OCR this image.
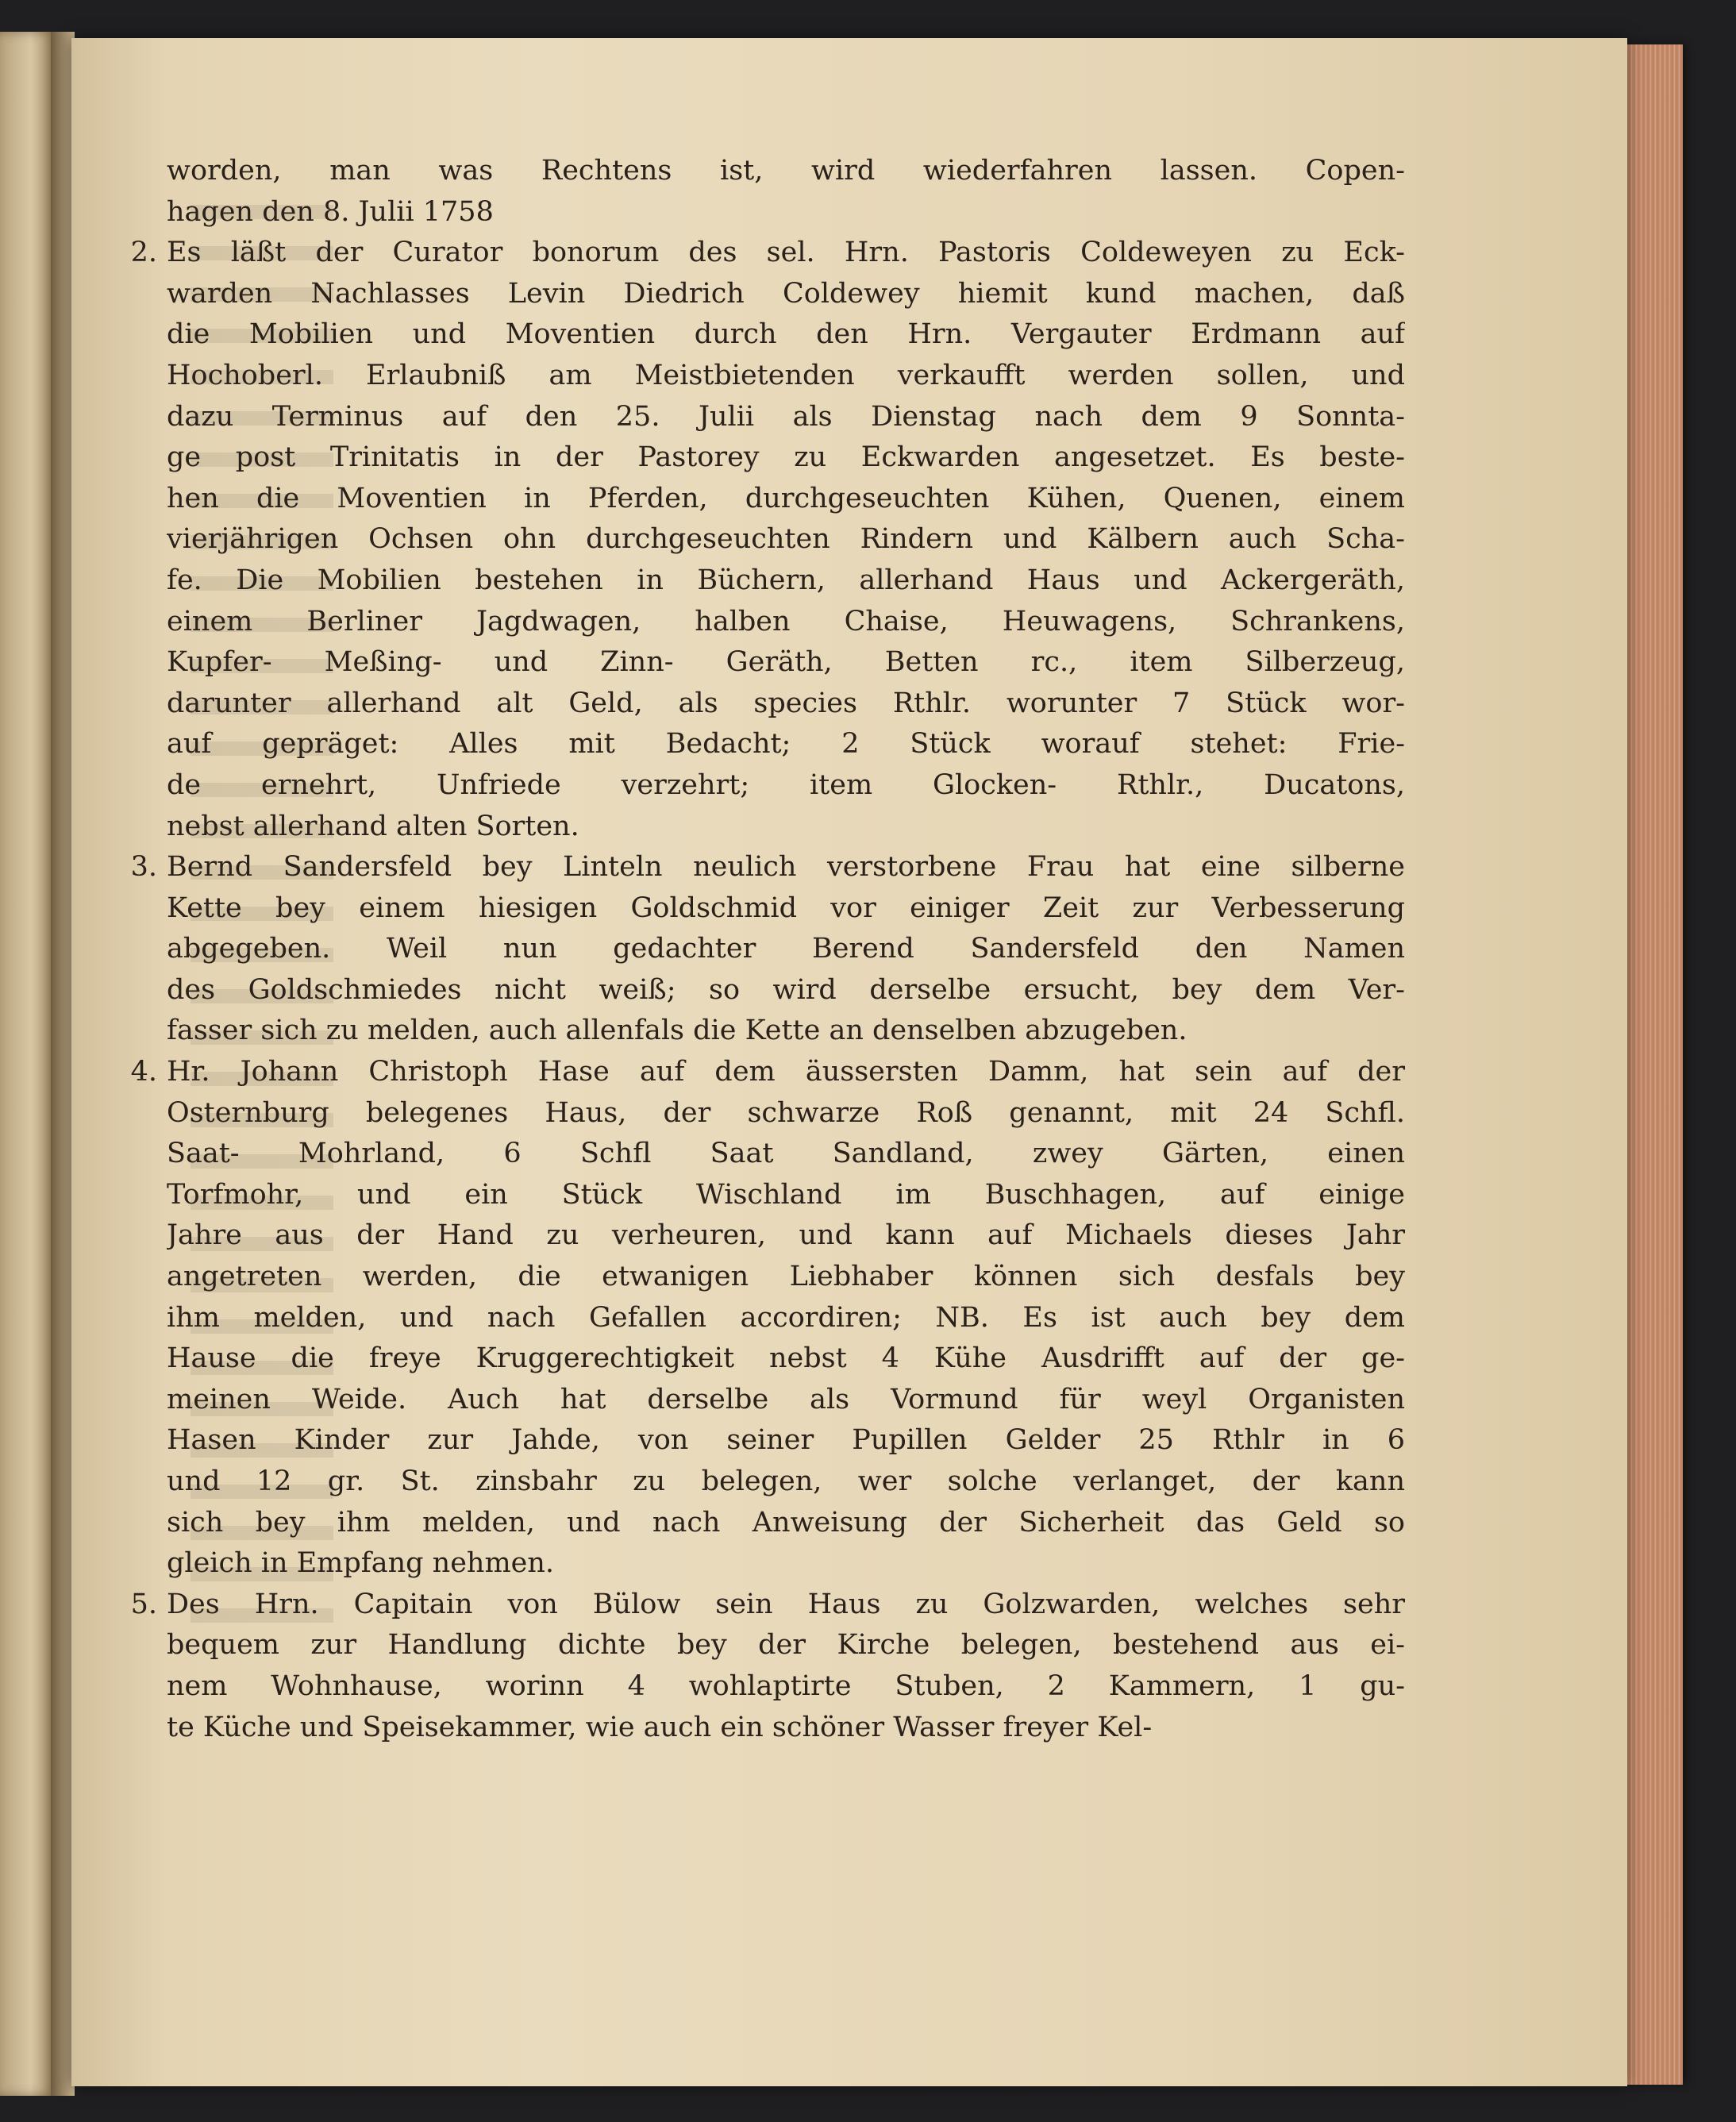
worden, man was Rechtens ist, wird wiederfahren lassen. Copen-
hagen den 8. Julii 1758
2. Es läßt der Curator bonorum des sel. Hrn. Pastoris Coldeweyen zu Eck-
warden Nachlasses Levin Diedrich Coldewey hiemit kund machen, daß
die Mobilien und Moventien durch den Hrn. Vergauter Erdmann auf
Hochoberl. Erlaubniß am Meistbietenden verkaufft werden sollen, und
dazu Terminus auf den 25. Julii als Dienstag nach dem 9 Sonnta-
ge post Trinitatis in der Pastorey zu Eckwarden angesetzet. Es beste-
hen die Moventien in Pferden, durchgeseuchten Kühen, Quenen, einem
vierjährigen Ochsen ohn durchgeseuchten Rindern und Kälbern auch Scha-
fe. Die Mobilien bestehen in Büchern, allerhand Haus und Ackergeräth,
einem Berliner Jagdwagen, halben Chaise, Heuwagens, Schrankens,
Kupfer- Meßing- und Zinn- Geräth, Betten rc., item Silberzeug,
darunter allerhand alt Geld, als species Rthlr. worunter 7 Stück wor-
auf gepräget: Alles mit Bedacht; 2 Stück worauf stehet: Frie-
de ernehrt, Unfriede verzehrt; item Glocken- Rthlr., Ducatons,
nebst allerhand alten Sorten.
3. Bernd Sandersfeld bey Linteln neulich verstorbene Frau hat eine silberne
Kette bey einem hiesigen Goldschmid vor einiger Zeit zur Verbesserung
abgegeben. Weil nun gedachter Berend Sandersfeld den Namen
des Goldschmiedes nicht weiß; so wird derselbe ersucht, bey dem Ver-
fasser sich zu melden, auch allenfals die Kette an denselben abzugeben.
4. Hr. Johann Christoph Hase auf dem äussersten Damm, hat sein auf der
Osternburg belegenes Haus, der schwarze Roß genannt, mit 24 Schfl.
Saat- Mohrland, 6 Schfl Saat Sandland, zwey Gärten, einen
Torfmohr, und ein Stück Wischland im Buschhagen, auf einige
Jahre aus der Hand zu verheuren, und kann auf Michaels dieses Jahr
angetreten werden, die etwanigen Liebhaber können sich desfals bey
ihm melden, und nach Gefallen accordiren; NB. Es ist auch bey dem
Hause die freye Kruggerechtigkeit nebst 4 Kühe Ausdrifft auf der ge-
meinen Weide. Auch hat derselbe als Vormund für weyl Organisten
Hasen Kinder zur Jahde, von seiner Pupillen Gelder 25 Rthlr in 6
und 12 gr. St. zinsbahr zu belegen, wer solche verlanget, der kann
sich bey ihm melden, und nach Anweisung der Sicherheit das Geld so
gleich in Empfang nehmen.
5. Des Hrn. Capitain von Bülow sein Haus zu Golzwarden, welches sehr
bequem zur Handlung dichte bey der Kirche belegen, bestehend aus ei-
nem Wohnhause, worinn 4 wohlaptirte Stuben, 2 Kammern, 1 gu-
te Küche und Speisekammer, wie auch ein schöner Wasser freyer Kel-
